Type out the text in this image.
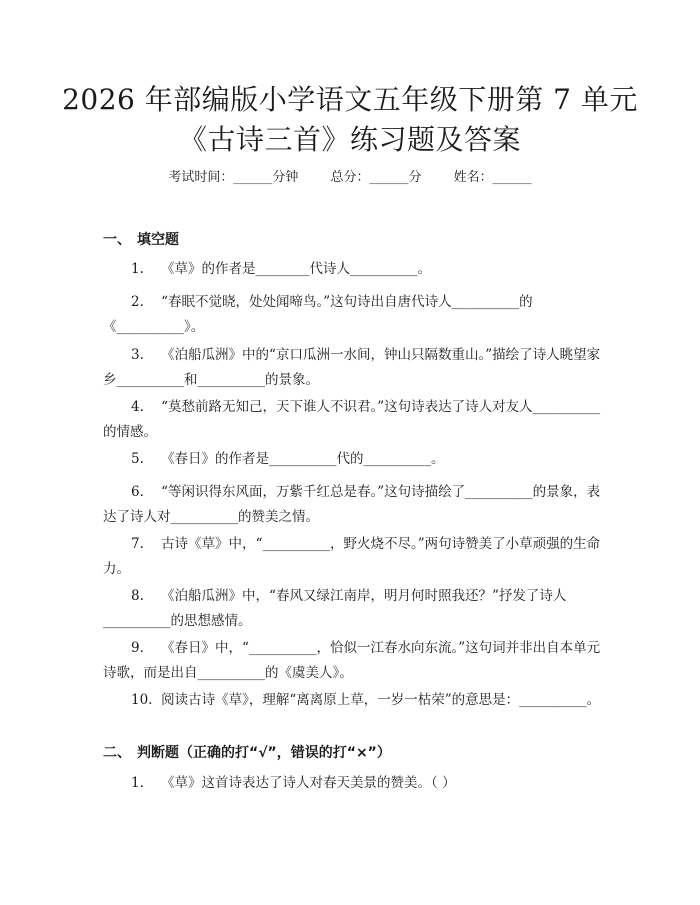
2026 年部编版小学语文五年级下册第 7 单元
《古诗三首》练习题及答案
考试时间：______分钟 总分：______分 姓名：______
一、 填空题
1. 《草》的作者是________代诗人__________。
2. “春眠不觉晓，处处闻啼鸟。”这句诗出自唐代诗人__________的《__________》。
3. 《泊船瓜洲》中的“京口瓜洲一水间，钟山只隔数重山。”描绘了诗人眺望家乡__________和__________的景象。
4. “莫愁前路无知己，天下谁人不识君。”这句诗表达了诗人对友人__________的情感。
5. 《春日》的作者是__________代的__________。
6. “等闲识得东风面，万紫千红总是春。”这句诗描绘了__________的景象，表达了诗人对__________的赞美之情。
7. 古诗《草》中，“__________，野火烧不尽。”两句诗赞美了小草顽强的生命力。
8. 《泊船瓜洲》中，“春风又绿江南岸，明月何时照我还？”抒发了诗人__________的思想感情。
9. 《春日》中，“__________，恰似一江春水向东流。”这句词并非出自本单元诗歌，而是出自__________的《虞美人》。
10. 阅读古诗《草》，理解“离离原上草，一岁一枯荣”的意思是：__________。
二、 判断题（正确的打“√”，错误的打“×”）
1. 《草》这首诗表达了诗人对春天美景的赞美。（ ）
